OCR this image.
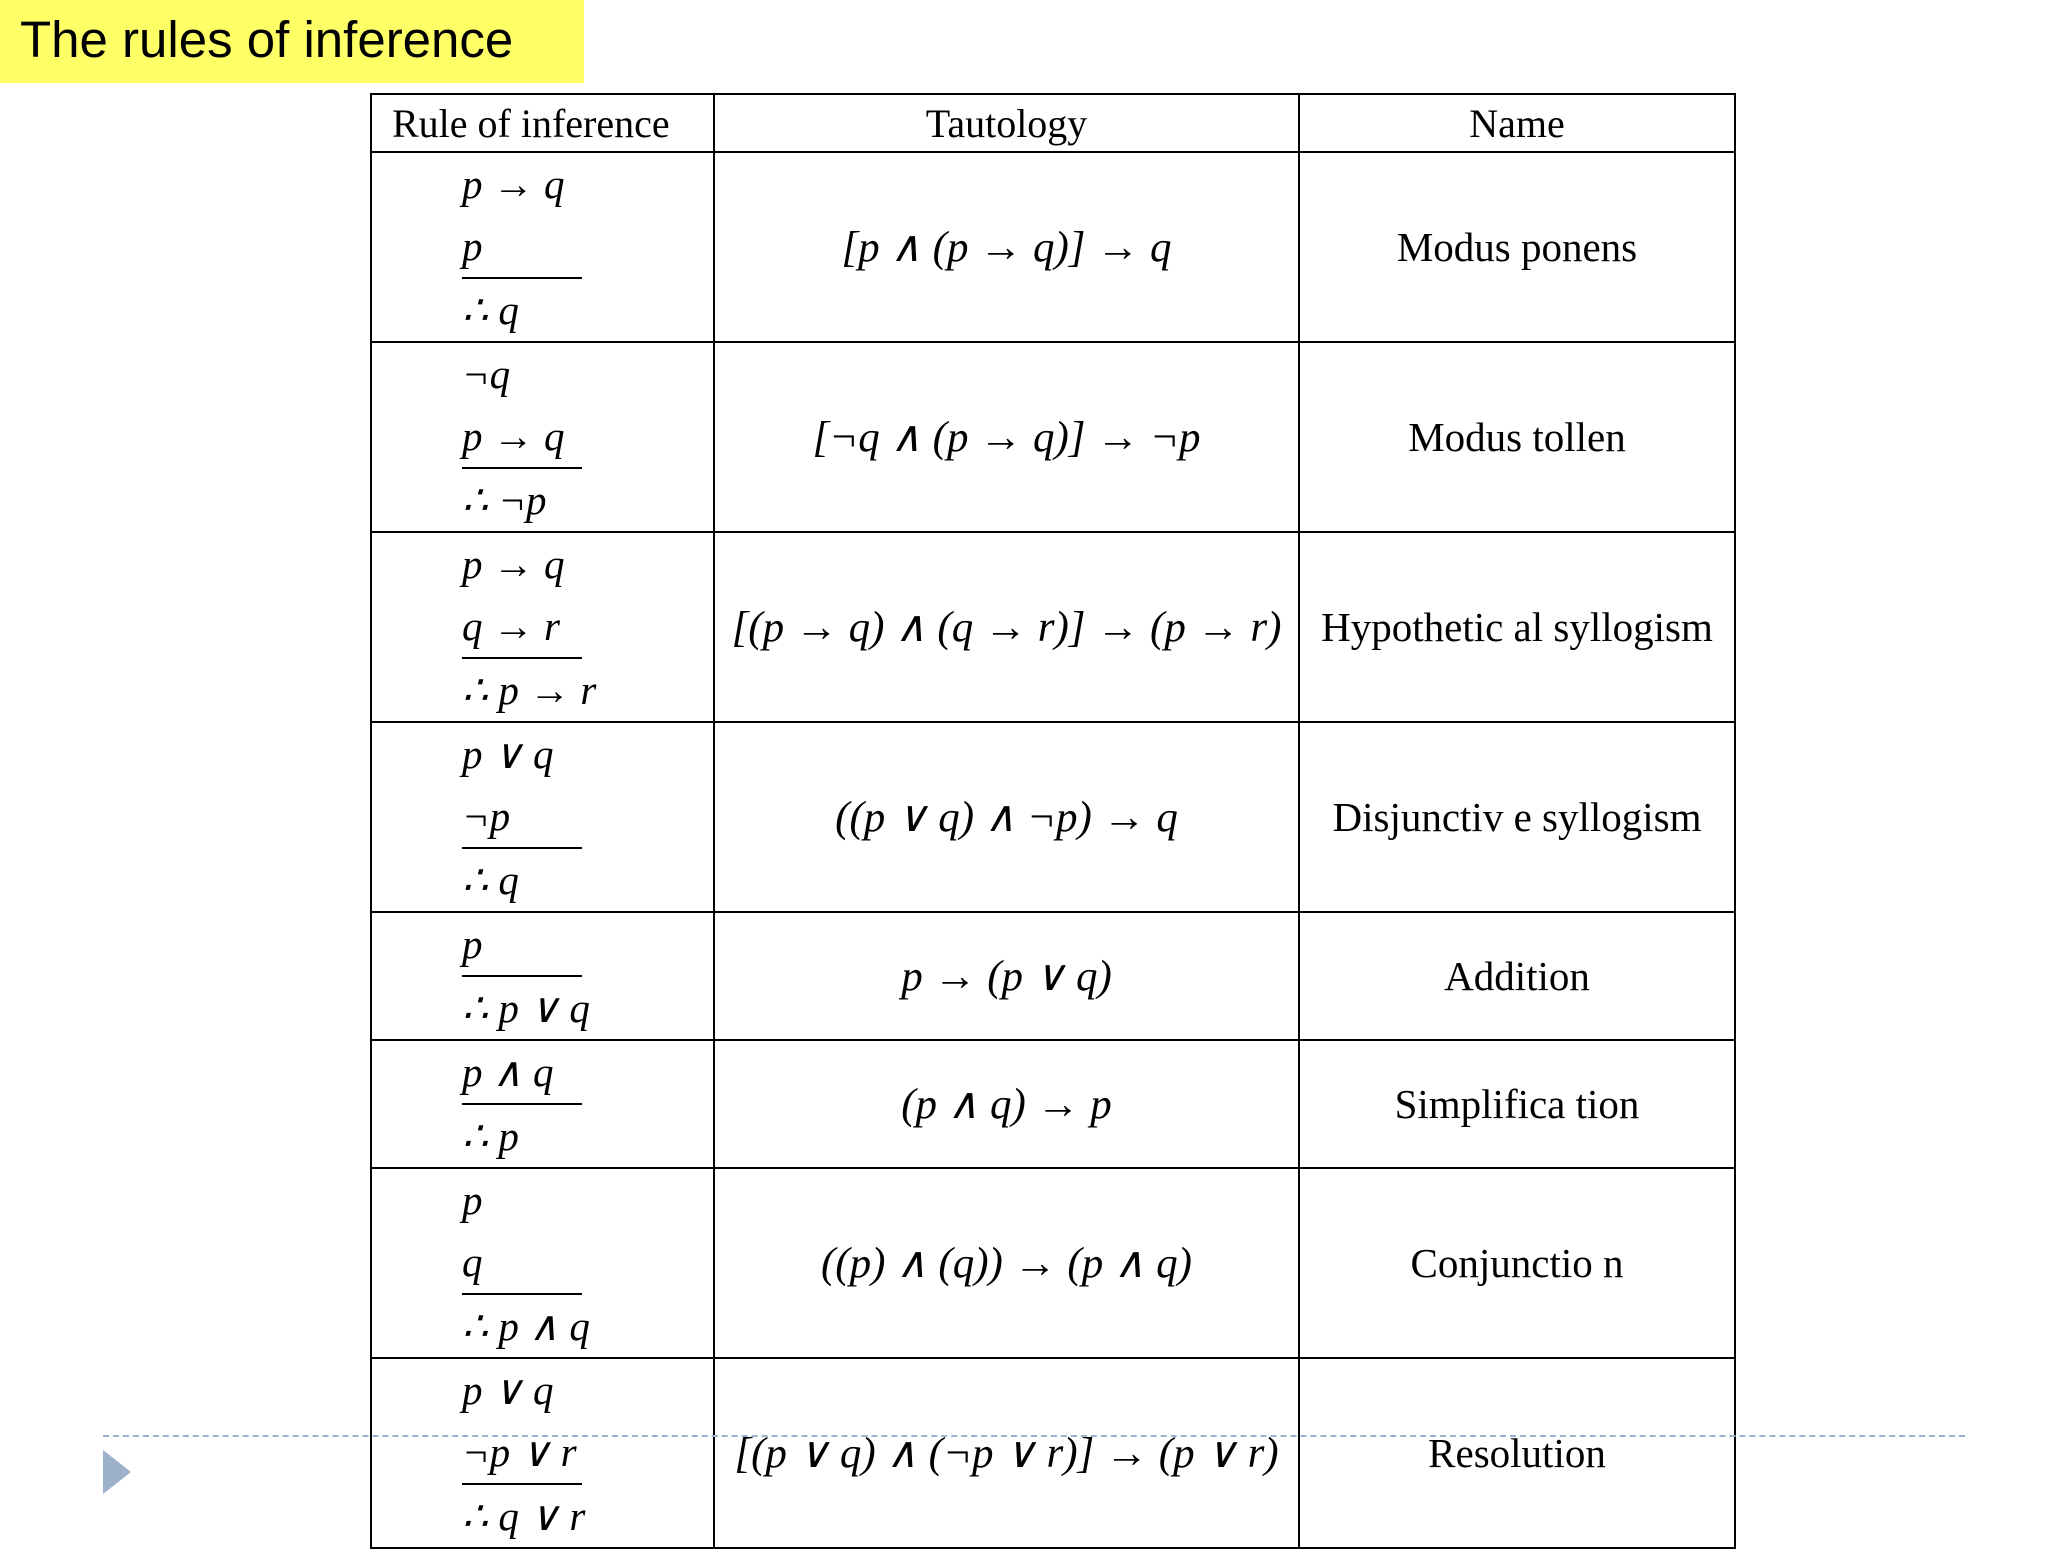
The rules of inference
Rule of inference	Tautology	Name

p → q
p
∴ q	[p ∧ (p → q)] → q	Modus ponens

¬q
p → q
∴ ¬p	[¬q ∧ (p → q)] → ¬p	Modus tollen

p → q
q → r
∴ p → r	[(p → q) ∧ (q → r)] → (p → r)	Hypothetic al syllogism

p ∨ q
¬p
∴ q	((p ∨ q) ∧ ¬p) → q	Disjunctiv e syllogism

p
∴ p ∨ q	p → (p ∨ q)	Addition

p ∧ q
∴ p	(p ∧ q) → p	Simplifica tion

p
q
∴ p ∧ q	((p) ∧ (q)) → (p ∧ q)	Conjunctio n

p ∨ q
¬p ∨ r
∴ q ∨ r	[(p ∨ q) ∧ (¬p ∨ r)] → (p ∨ r)	Resolution
